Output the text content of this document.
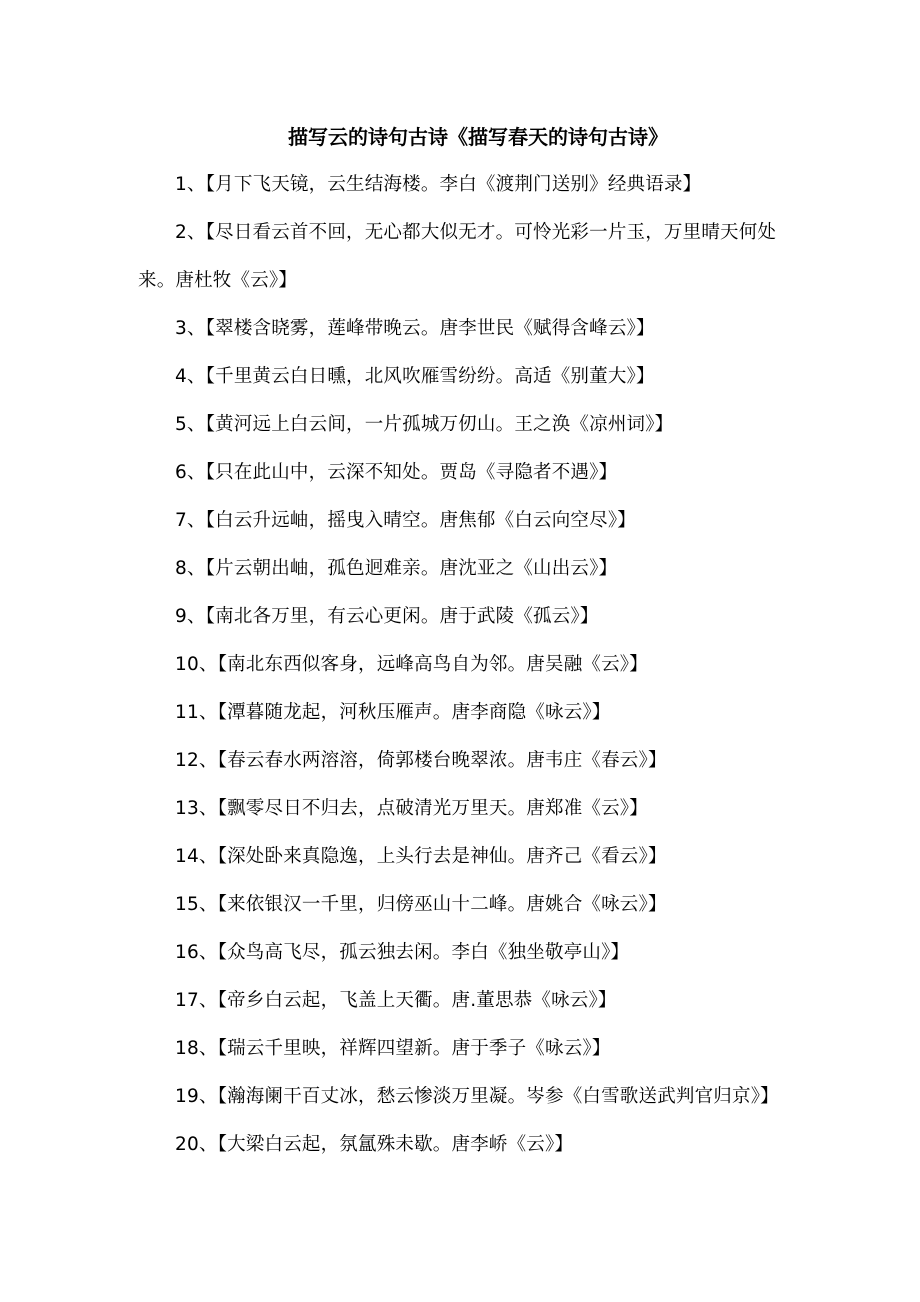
描写云的诗句古诗《描写春天的诗句古诗》

1、【月下飞天镜，云生结海楼。李白《渡荆门送别》经典语录】

2、【尽日看云首不回，无心都大似无才。可怜光彩一片玉，万里晴天何处来。唐杜牧《云》】

3、【翠楼含晓雾，莲峰带晚云。唐李世民《赋得含峰云》】

4、【千里黄云白日曛，北风吹雁雪纷纷。高适《别董大》】

5、【黄河远上白云间，一片孤城万仞山。王之涣《凉州词》】

6、【只在此山中，云深不知处。贾岛《寻隐者不遇》】

7、【白云升远岫，摇曳入晴空。唐焦郁《白云向空尽》】

8、【片云朝出岫，孤色迥难亲。唐沈亚之《山出云》】

9、【南北各万里，有云心更闲。唐于武陵《孤云》】

10、【南北东西似客身，远峰高鸟自为邻。唐吴融《云》】

11、【潭暮随龙起，河秋压雁声。唐李商隐《咏云》】

12、【春云春水两溶溶，倚郭楼台晚翠浓。唐韦庄《春云》】

13、【飘零尽日不归去，点破清光万里天。唐郑准《云》】

14、【深处卧来真隐逸，上头行去是神仙。唐齐己《看云》】

15、【来依银汉一千里，归傍巫山十二峰。唐姚合《咏云》】

16、【众鸟高飞尽，孤云独去闲。李白《独坐敬亭山》】

17、【帝乡白云起，飞盖上天衢。唐.董思恭《咏云》】

18、【瑞云千里映，祥辉四望新。唐于季子《咏云》】

19、【瀚海阑干百丈冰，愁云惨淡万里凝。岑参《白雪歌送武判官归京》】

20、【大梁白云起，氛氲殊未歇。唐李峤《云》】
